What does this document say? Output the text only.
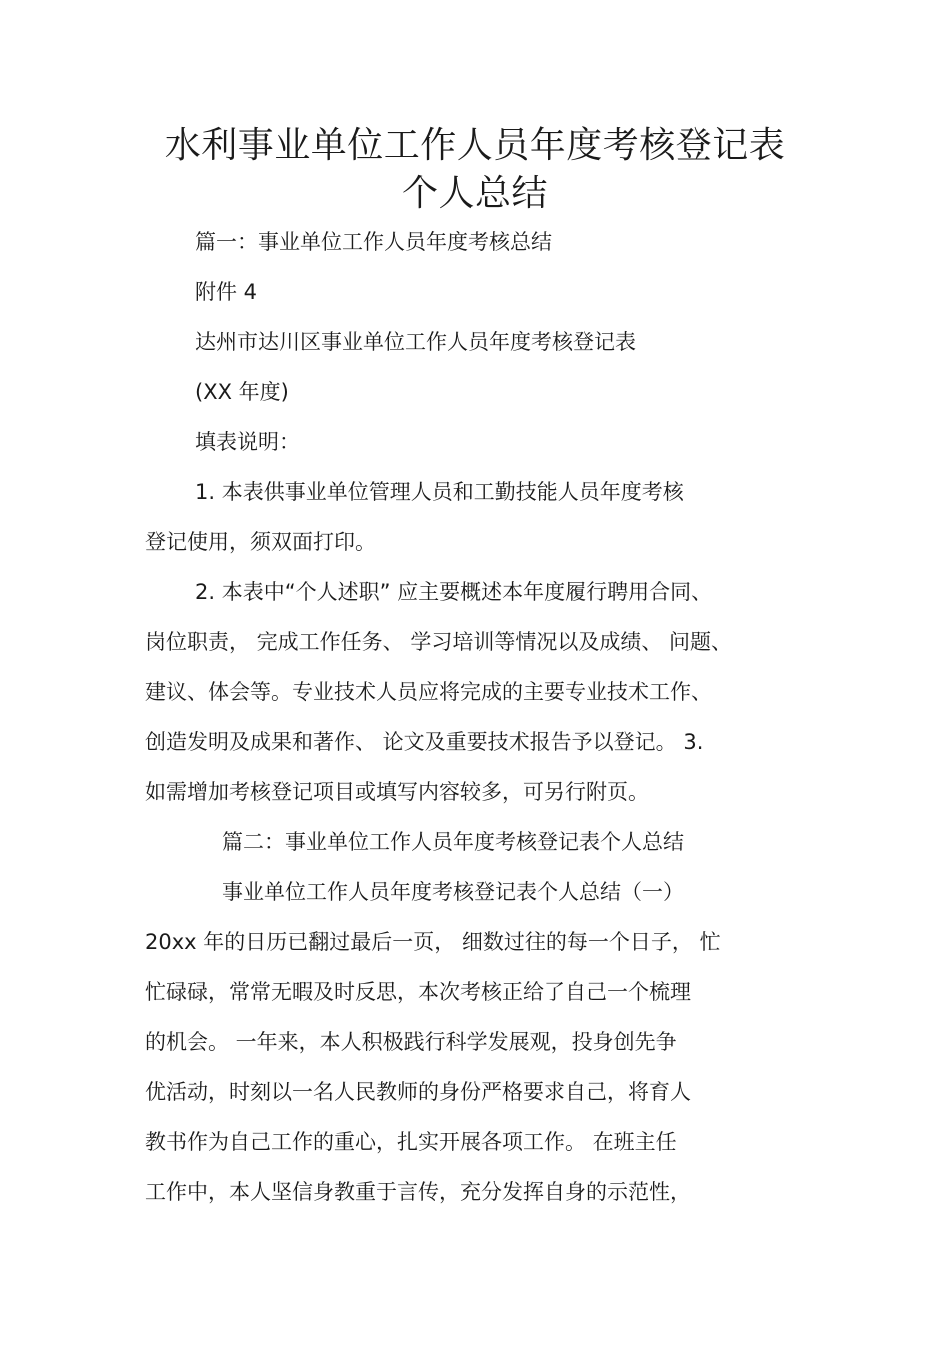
水利事业单位工作人员年度考核登记表
个人总结
篇一：事业单位工作人员年度考核总结
附件 4
达州市达川区事业单位工作人员年度考核登记表
(XX 年度)
填表说明：
1. 本表供事业单位管理人员和工勤技能人员年度考核
登记使用，须双面打印。
2. 本表中“个人述职” 应主要概述本年度履行聘用合同、
岗位职责， 完成工作任务、 学习培训等情况以及成绩、 问题、
建议、体会等。专业技术人员应将完成的主要专业技术工作、
创造发明及成果和著作、 论文及重要技术报告予以登记。 3.
如需增加考核登记项目或填写内容较多，可另行附页。
篇二：事业单位工作人员年度考核登记表个人总结
事业单位工作人员年度考核登记表个人总结（一）
20xx 年的日历已翻过最后一页， 细数过往的每一个日子， 忙
忙碌碌，常常无暇及时反思，本次考核正给了自己一个梳理
的机会。 一年来，本人积极践行科学发展观，投身创先争
优活动，时刻以一名人民教师的身份严格要求自己，将育人
教书作为自己工作的重心，扎实开展各项工作。 在班主任
工作中，本人坚信身教重于言传，充分发挥自身的示范性，
